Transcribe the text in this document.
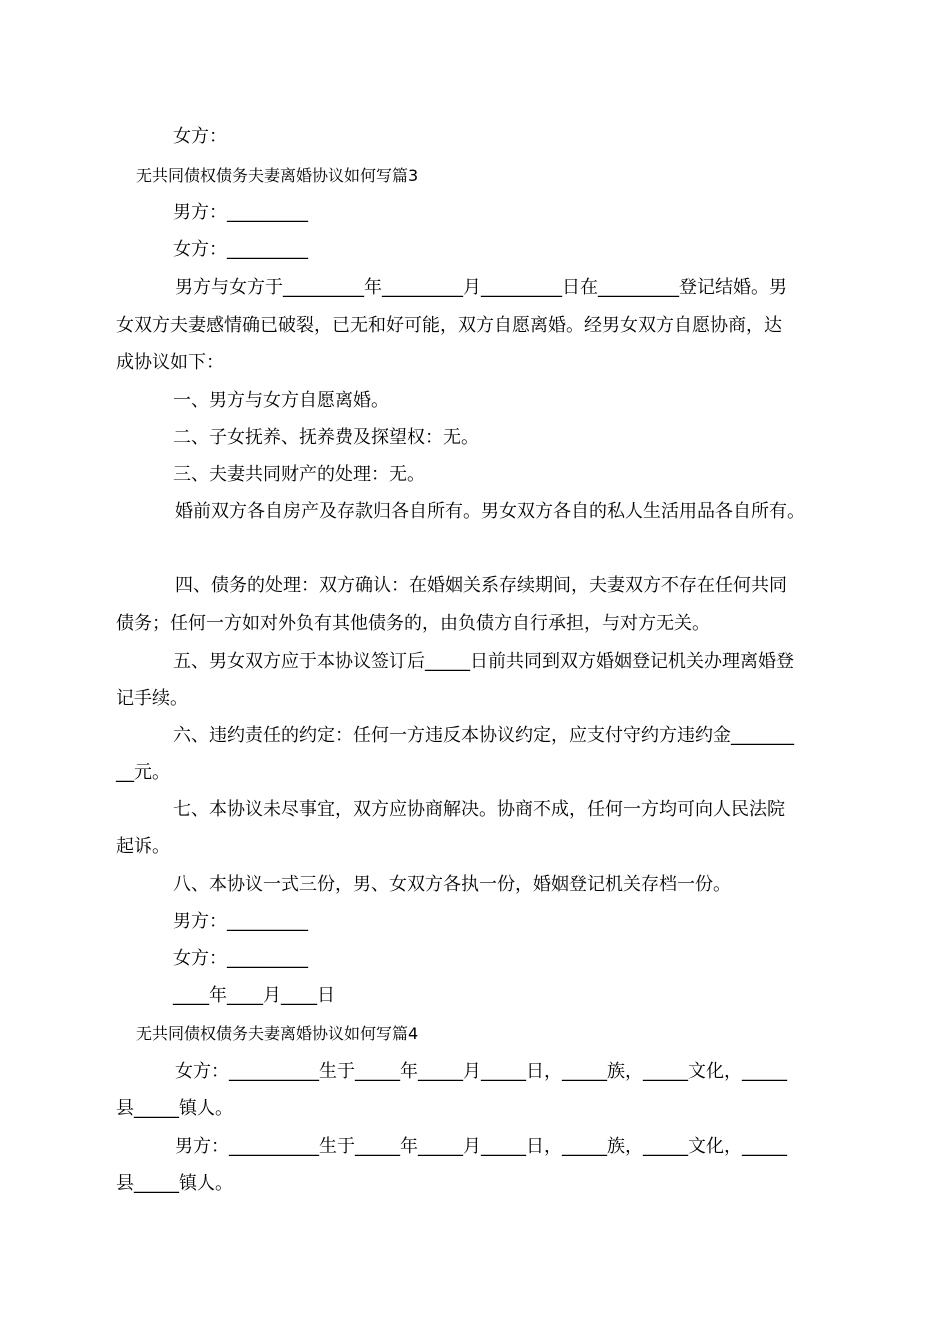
女方：

无共同债权债务夫妻离婚协议如何写篇3

男方：_________

女方：_________

男方与女方于_________年_________月_________日在_________登记结婚。男

女双方夫妻感情确已破裂，已无和好可能，双方自愿离婚。经男女双方自愿协商，达

成协议如下：

一、男方与女方自愿离婚。

二、子女抚养、抚养费及探望权：无。

三、夫妻共同财产的处理：无。

婚前双方各自房产及存款归各自所有。男女双方各自的私人生活用品各自所有。

四、债务的处理：双方确认：在婚姻关系存续期间，夫妻双方不存在任何共同

债务；任何一方如对外负有其他债务的，由负债方自行承担，与对方无关。

五、男女双方应于本协议签订后_____日前共同到双方婚姻登记机关办理离婚登

记手续。

六、违约责任的约定：任何一方违反本协议约定，应支付守约方违约金_______

__元。

七、本协议未尽事宜，双方应协商解决。协商不成，任何一方均可向人民法院

起诉。

八、本协议一式三份，男、女双方各执一份，婚姻登记机关存档一份。

男方：_________

女方：_________

____年____月____日

无共同债权债务夫妻离婚协议如何写篇4

女方：__________生于_____年_____月_____日，_____族，_____文化，_____

县_____镇人。

男方：__________生于_____年_____月_____日，_____族，_____文化，_____

县_____镇人。
